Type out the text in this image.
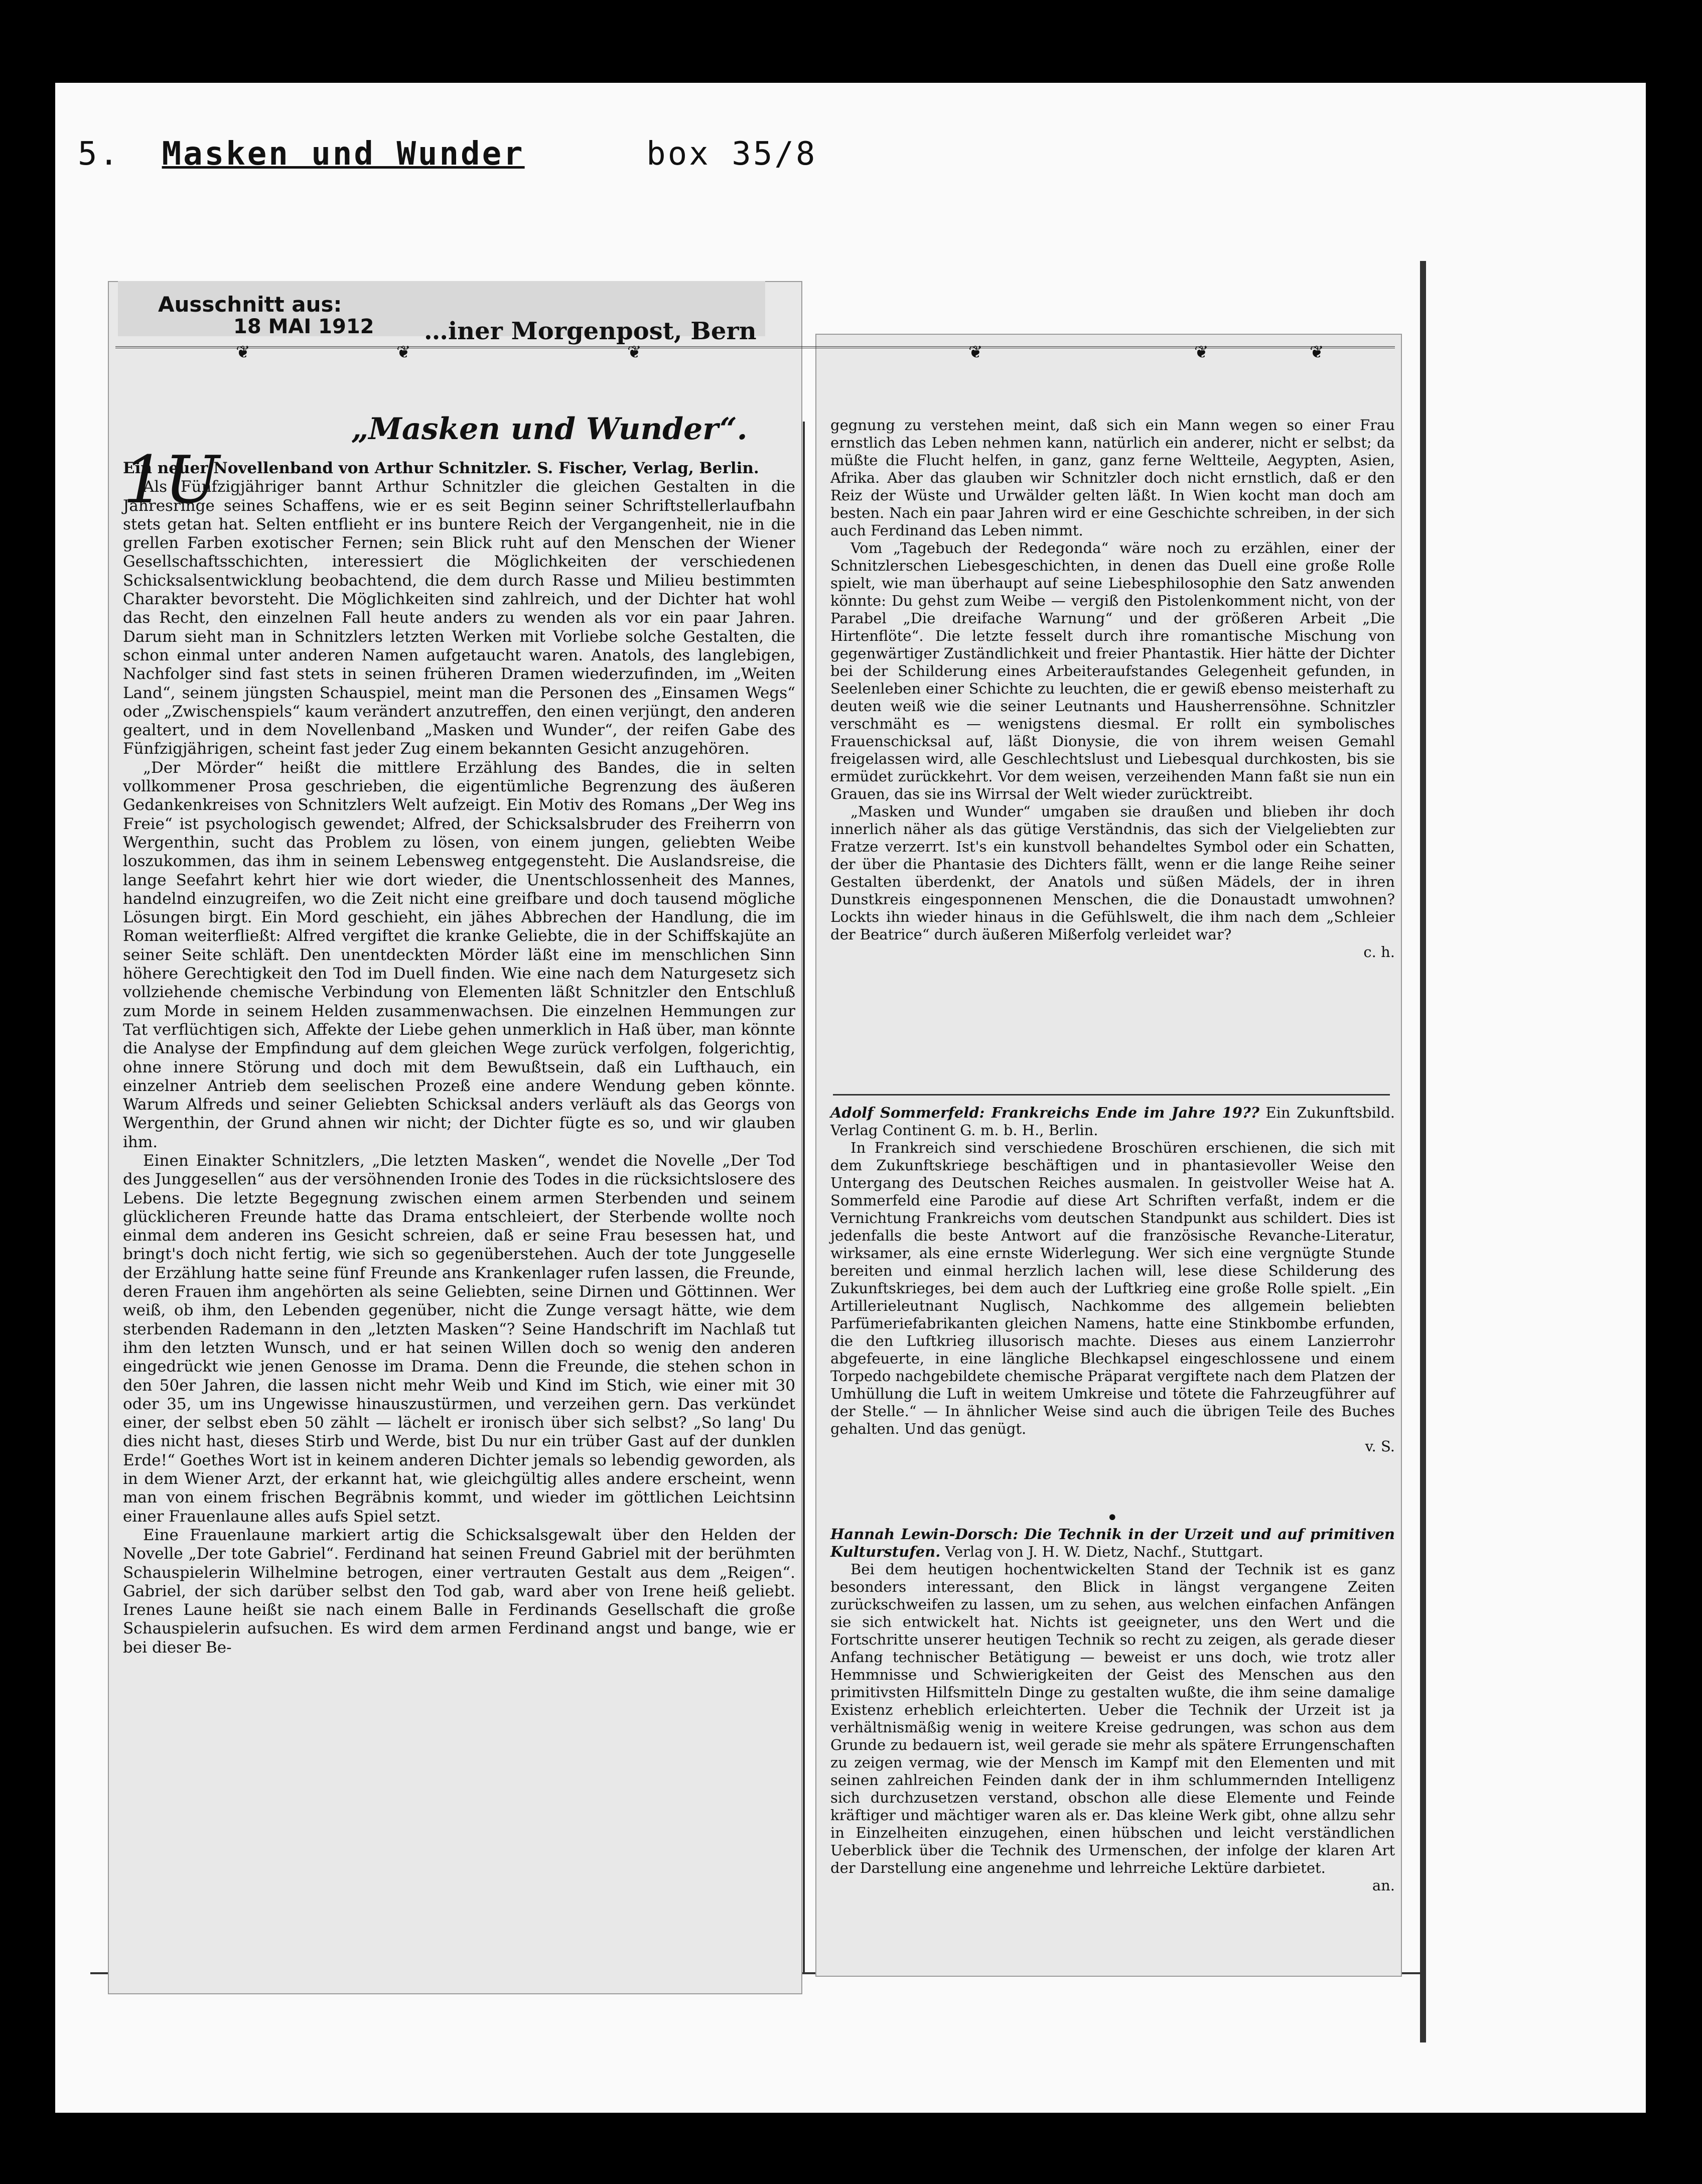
5. Masken und Wunder	box 35/8
Ausschnitt aus:
18 MAI 1912 …iner Morgenpost, Bern
❦	❦	❦	❦	❦	❦
1U
„Masken und Wunder“.

Ein neuer Novellenband von Arthur Schnitzler. S. Fischer, Verlag, Berlin.

Als Fünfzigjähriger bannt Arthur Schnitzler die gleichen Gestalten in die Jahresringe seines Schaffens, wie er es seit Beginn seiner Schriftstellerlaufbahn stets getan hat. Selten entflieht er ins buntere Reich der Vergangenheit, nie in die grellen Farben exotischer Fernen; sein Blick ruht auf den Menschen der Wiener Gesellschaftsschichten, interessiert die Möglichkeiten der verschiedenen Schicksalsentwicklung beobachtend, die dem durch Rasse und Milieu bestimmten Charakter bevorsteht. Die Möglichkeiten sind zahlreich, und der Dichter hat wohl das Recht, den einzelnen Fall heute anders zu wenden als vor ein paar Jahren. Darum sieht man in Schnitzlers letzten Werken mit Vorliebe solche Gestalten, die schon einmal unter anderen Namen aufgetaucht waren. Anatols, des langlebigen, Nachfolger sind fast stets in seinen früheren Dramen wiederzufinden, im „Weiten Land“, seinem jüngsten Schauspiel, meint man die Personen des „Einsamen Wegs“ oder „Zwischenspiels“ kaum verändert anzutreffen, den einen verjüngt, den anderen gealtert, und in dem Novellenband „Masken und Wunder“, der reifen Gabe des Fünfzigjährigen, scheint fast jeder Zug einem bekannten Gesicht anzugehören.

„Der Mörder“ heißt die mittlere Erzählung des Bandes, die in selten vollkommener Prosa geschrieben, die eigentümliche Begrenzung des äußeren Gedankenkreises von Schnitzlers Welt aufzeigt. Ein Motiv des Romans „Der Weg ins Freie“ ist psychologisch gewendet; Alfred, der Schicksalsbruder des Freiherrn von Wergenthin, sucht das Problem zu lösen, von einem jungen, geliebten Weibe loszukommen, das ihm in seinem Lebensweg entgegensteht. Die Auslandsreise, die lange Seefahrt kehrt hier wie dort wieder, die Unentschlossenheit des Mannes, handelnd einzugreifen, wo die Zeit nicht eine greifbare und doch tausend mögliche Lösungen birgt. Ein Mord geschieht, ein jähes Abbrechen der Handlung, die im Roman weiterfließt: Alfred vergiftet die kranke Geliebte, die in der Schiffskajüte an seiner Seite schläft. Den unentdeckten Mörder läßt eine im menschlichen Sinn höhere Gerechtigkeit den Tod im Duell finden. Wie eine nach dem Naturgesetz sich vollziehende chemische Verbindung von Elementen läßt Schnitzler den Entschluß zum Morde in seinem Helden zusammenwachsen. Die einzelnen Hemmungen zur Tat verflüchtigen sich, Affekte der Liebe gehen unmerklich in Haß über, man könnte die Analyse der Empfindung auf dem gleichen Wege zurück verfolgen, folgerichtig, ohne innere Störung und doch mit dem Bewußtsein, daß ein Lufthauch, ein einzelner Antrieb dem seelischen Prozeß eine andere Wendung geben könnte. Warum Alfreds und seiner Geliebten Schicksal anders verläuft als das Georgs von Wergenthin, der Grund ahnen wir nicht; der Dichter fügte es so, und wir glauben ihm.

Einen Einakter Schnitzlers, „Die letzten Masken“, wendet die Novelle „Der Tod des Junggesellen“ aus der versöhnenden Ironie des Todes in die rücksichtslosere des Lebens. Die letzte Begegnung zwischen einem armen Sterbenden und seinem glücklicheren Freunde hatte das Drama entschleiert, der Sterbende wollte noch einmal dem anderen ins Gesicht schreien, daß er seine Frau besessen hat, und bringt's doch nicht fertig, wie sich so gegenüberstehen. Auch der tote Junggeselle der Erzählung hatte seine fünf Freunde ans Krankenlager rufen lassen, die Freunde, deren Frauen ihm angehörten als seine Geliebten, seine Dirnen und Göttinnen. Wer weiß, ob ihm, den Lebenden gegenüber, nicht die Zunge versagt hätte, wie dem sterbenden Rademann in den „letzten Masken“? Seine Handschrift im Nachlaß tut ihm den letzten Wunsch, und er hat seinen Willen doch so wenig den anderen eingedrückt wie jenen Genosse im Drama. Denn die Freunde, die stehen schon in den 50er Jahren, die lassen nicht mehr Weib und Kind im Stich, wie einer mit 30 oder 35, um ins Ungewisse hinauszustürmen, und verzeihen gern. Das verkündet einer, der selbst eben 50 zählt — lächelt er ironisch über sich selbst? „So lang' Du dies nicht hast, dieses Stirb und Werde, bist Du nur ein trüber Gast auf der dunklen Erde!“ Goethes Wort ist in keinem anderen Dichter jemals so lebendig geworden, als in dem Wiener Arzt, der erkannt hat, wie gleichgültig alles andere erscheint, wenn man von einem frischen Begräbnis kommt, und wieder im göttlichen Leichtsinn einer Frauenlaune alles aufs Spiel setzt.

Eine Frauenlaune markiert artig die Schicksalsgewalt über den Helden der Novelle „Der tote Gabriel“. Ferdinand hat seinen Freund Gabriel mit der berühmten Schauspielerin Wilhelmine betrogen, einer vertrauten Gestalt aus dem „Reigen“. Gabriel, der sich darüber selbst den Tod gab, ward aber von Irene heiß geliebt. Irenes Laune heißt sie nach einem Balle in Ferdinands Gesellschaft die große Schauspielerin aufsuchen. Es wird dem armen Ferdinand angst und bange, wie er bei dieser Be-

gegnung zu verstehen meint, daß sich ein Mann wegen so einer Frau ernstlich das Leben nehmen kann, natürlich ein anderer, nicht er selbst; da müßte die Flucht helfen, in ganz, ganz ferne Weltteile, Aegypten, Asien, Afrika. Aber das glauben wir Schnitzler doch nicht ernstlich, daß er den Reiz der Wüste und Urwälder gelten läßt. In Wien kocht man doch am besten. Nach ein paar Jahren wird er eine Geschichte schreiben, in der sich auch Ferdinand das Leben nimmt.

Vom „Tagebuch der Redegonda“ wäre noch zu erzählen, einer der Schnitzlerschen Liebesgeschichten, in denen das Duell eine große Rolle spielt, wie man überhaupt auf seine Liebesphilosophie den Satz anwenden könnte: Du gehst zum Weibe — vergiß den Pistolenkomment nicht, von der Parabel „Die dreifache Warnung“ und der größeren Arbeit „Die Hirtenflöte“. Die letzte fesselt durch ihre romantische Mischung von gegenwärtiger Zuständlichkeit und freier Phantastik. Hier hätte der Dichter bei der Schilderung eines Arbeiteraufstandes Gelegenheit gefunden, in Seelenleben einer Schichte zu leuchten, die er gewiß ebenso meisterhaft zu deuten weiß wie die seiner Leutnants und Hausherrensöhne. Schnitzler verschmäht es — wenigstens diesmal. Er rollt ein symbolisches Frauenschicksal auf, läßt Dionysie, die von ihrem weisen Gemahl freigelassen wird, alle Geschlechtslust und Liebesqual durchkosten, bis sie ermüdet zurückkehrt. Vor dem weisen, verzeihenden Mann faßt sie nun ein Grauen, das sie ins Wirrsal der Welt wieder zurücktreibt.

„Masken und Wunder“ umgaben sie draußen und blieben ihr doch innerlich näher als das gütige Verständnis, das sich der Vielgeliebten zur Fratze verzerrt. Ist's ein kunstvoll behandeltes Symbol oder ein Schatten, der über die Phantasie des Dichters fällt, wenn er die lange Reihe seiner Gestalten überdenkt, der Anatols und süßen Mädels, der in ihren Dunstkreis eingesponnenen Menschen, die die Donaustadt umwohnen? Lockts ihn wieder hinaus in die Gefühlswelt, die ihm nach dem „Schleier der Beatrice“ durch äußeren Mißerfolg verleidet war?

c. h.

Adolf Sommerfeld: Frankreichs Ende im Jahre 19?? Ein Zukunftsbild. Verlag Continent G. m. b. H., Berlin.

In Frankreich sind verschiedene Broschüren erschienen, die sich mit dem Zukunftskriege beschäftigen und in phantasievoller Weise den Untergang des Deutschen Reiches ausmalen. In geistvoller Weise hat A. Sommerfeld eine Parodie auf diese Art Schriften verfaßt, indem er die Vernichtung Frankreichs vom deutschen Standpunkt aus schildert. Dies ist jedenfalls die beste Antwort auf die französische Revanche-Literatur, wirksamer, als eine ernste Widerlegung. Wer sich eine vergnügte Stunde bereiten und einmal herzlich lachen will, lese diese Schilderung des Zukunftskrieges, bei dem auch der Luftkrieg eine große Rolle spielt. „Ein Artillerieleutnant Nuglisch, Nachkomme des allgemein beliebten Parfümeriefabrikanten gleichen Namens, hatte eine Stinkbombe erfunden, die den Luftkrieg illusorisch machte. Dieses aus einem Lanzierrohr abgefeuerte, in eine längliche Blechkapsel eingeschlossene und einem Torpedo nachgebildete chemische Präparat vergiftete nach dem Platzen der Umhüllung die Luft in weitem Umkreise und tötete die Fahrzeugführer auf der Stelle.“ — In ähnlicher Weise sind auch die übrigen Teile des Buches gehalten. Und das genügt.

v. S.
•

Hannah Lewin-Dorsch: Die Technik in der Urzeit und auf primitiven Kulturstufen. Verlag von J. H. W. Dietz, Nachf., Stuttgart.

Bei dem heutigen hochentwickelten Stand der Technik ist es ganz besonders interessant, den Blick in längst vergangene Zeiten zurückschweifen zu lassen, um zu sehen, aus welchen einfachen Anfängen sie sich entwickelt hat. Nichts ist geeigneter, uns den Wert und die Fortschritte unserer heutigen Technik so recht zu zeigen, als gerade dieser Anfang technischer Betätigung — beweist er uns doch, wie trotz aller Hemmnisse und Schwierigkeiten der Geist des Menschen aus den primitivsten Hilfsmitteln Dinge zu gestalten wußte, die ihm seine damalige Existenz erheblich erleichterten. Ueber die Technik der Urzeit ist ja verhältnismäßig wenig in weitere Kreise gedrungen, was schon aus dem Grunde zu bedauern ist, weil gerade sie mehr als spätere Errungenschaften zu zeigen vermag, wie der Mensch im Kampf mit den Elementen und mit seinen zahlreichen Feinden dank der in ihm schlummernden Intelligenz sich durchzusetzen verstand, obschon alle diese Elemente und Feinde kräftiger und mächtiger waren als er. Das kleine Werk gibt, ohne allzu sehr in Einzelheiten einzugehen, einen hübschen und leicht verständlichen Ueberblick über die Technik des Urmenschen, der infolge der klaren Art der Darstellung eine angenehme und lehrreiche Lektüre darbietet.

an.
